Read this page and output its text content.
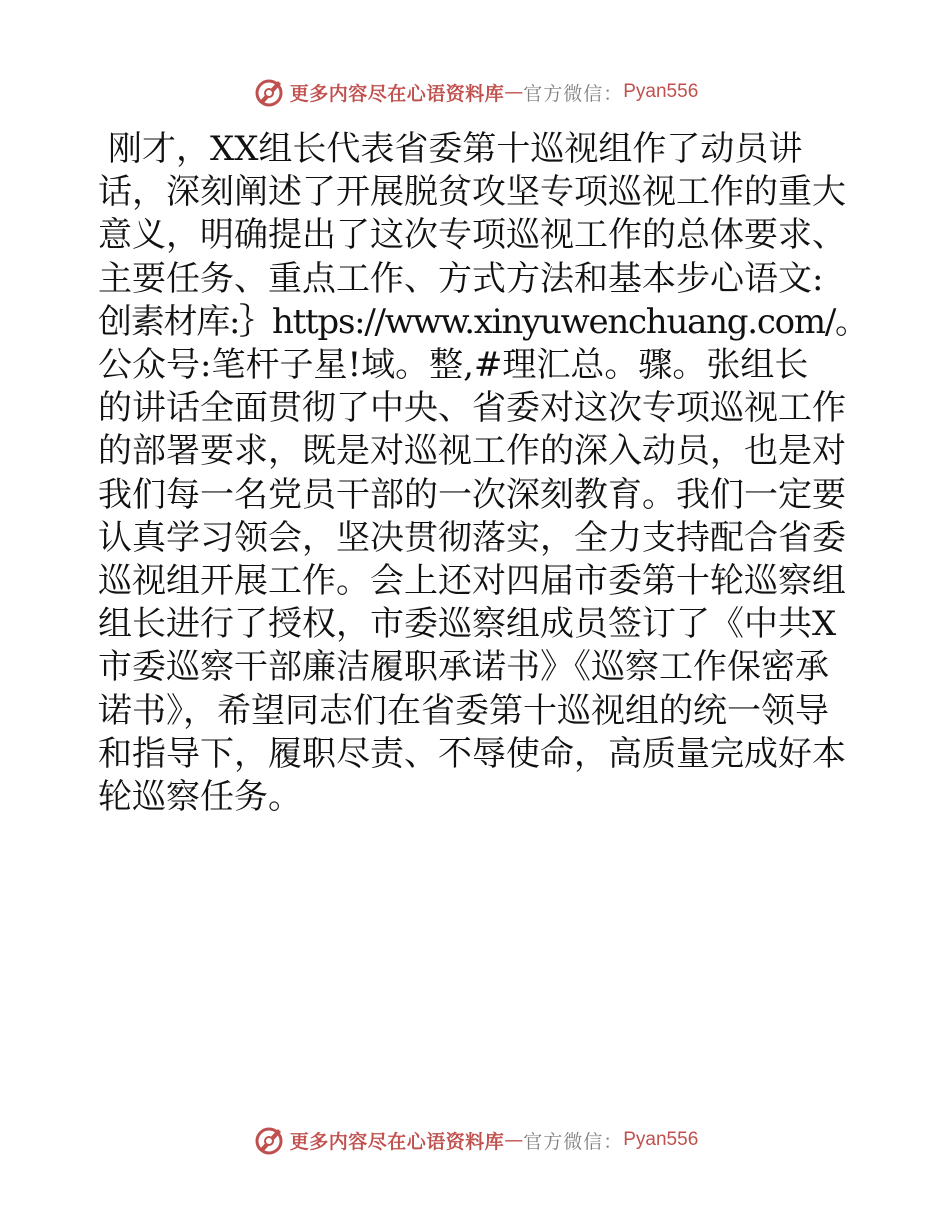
更多内容尽在心语资料库 — 官方微信： Pyan556
刚才，XX组长代表省委第十巡视组作了动员讲
话，深刻阐述了开展脱贫攻坚专项巡视工作的重大
意义，明确提出了这次专项巡视工作的总体要求、
主要任务、重点工作、方式方法和基本步心语文:
创素材库:｝https://www.xinyuwenchuang.com/。
公众号:笔杆子星!域。整,#理汇总。骤。张组长
的讲话全面贯彻了中央、省委对这次专项巡视工作
的部署要求，既是对巡视工作的深入动员，也是对
我们每一名党员干部的一次深刻教育。我们一定要
认真学习领会，坚决贯彻落实，全力支持配合省委
巡视组开展工作。会上还对四届市委第十轮巡察组
组长进行了授权，市委巡察组成员签订了《中共X
市委巡察干部廉洁履职承诺书》《巡察工作保密承
诺书》，希望同志们在省委第十巡视组的统一领导
和指导下，履职尽责、不辱使命，高质量完成好本
轮巡察任务。
更多内容尽在心语资料库 — 官方微信： Pyan556
